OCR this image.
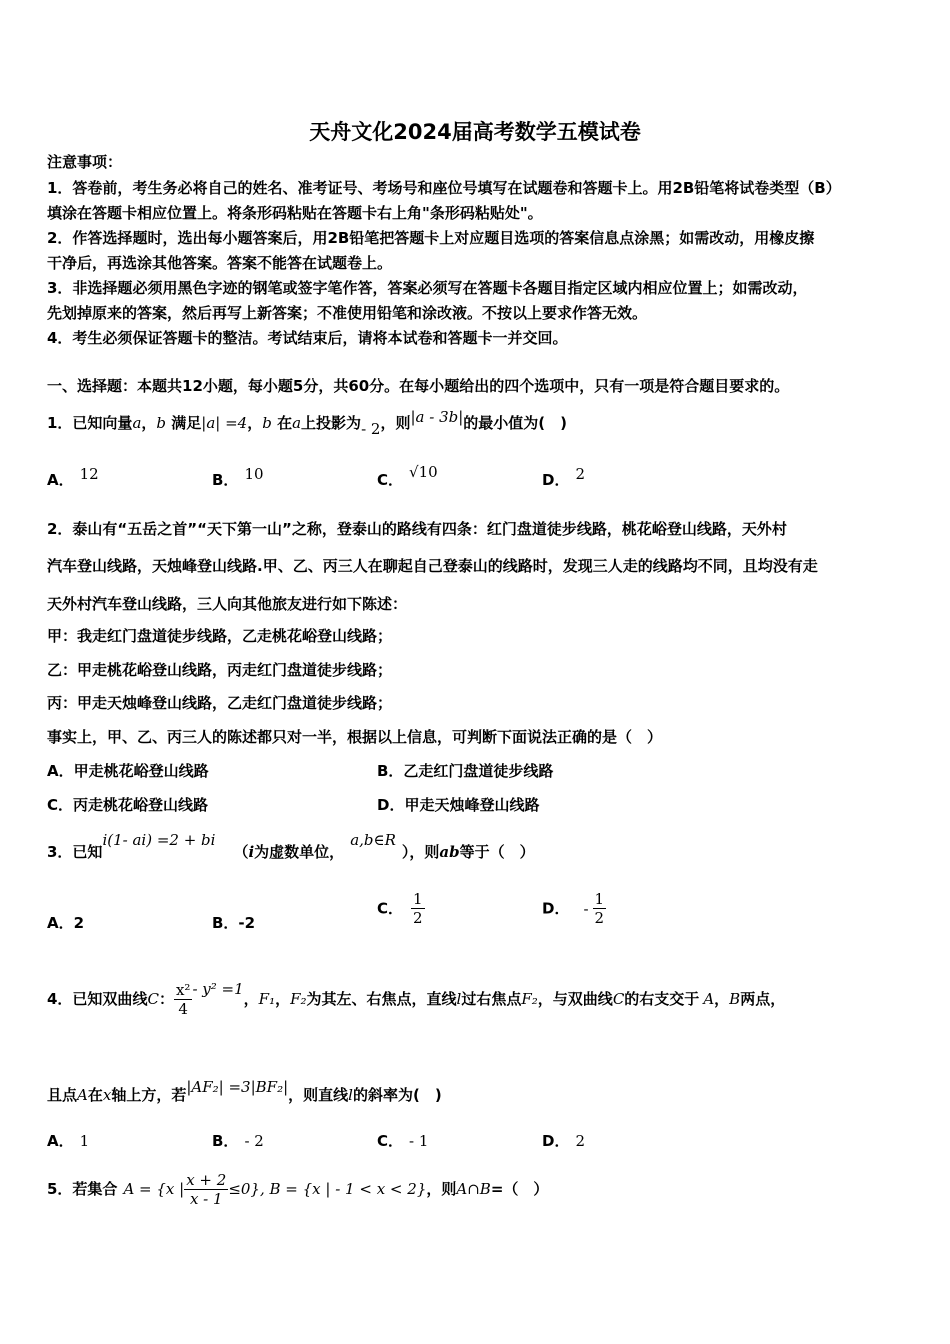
天舟文化2024届高考数学五模试卷
注意事项：
1．答卷前，考生务必将自己的姓名、准考证号、考场号和座位号填写在试题卷和答题卡上。用2B铅笔将试卷类型（B）
填涂在答题卡相应位置上。将条形码粘贴在答题卡右上角"条形码粘贴处"。
2．作答选择题时，选出每小题答案后，用2B铅笔把答题卡上对应题目选项的答案信息点涂黑；如需改动，用橡皮擦
干净后，再选涂其他答案。答案不能答在试题卷上。
3．非选择题必须用黑色字迹的钢笔或签字笔作答，答案必须写在答题卡各题目指定区域内相应位置上；如需改动，
先划掉原来的答案，然后再写上新答案；不准使用铅笔和涂改液。不按以上要求作答无效。
4．考生必须保证答题卡的整洁。考试结束后，请将本试卷和答题卡一并交回。
一、选择题：本题共12小题，每小题5分，共60分。在每小题给出的四个选项中，只有一项是符合题目要求的。
1．已知向量a，b 满足|a| =4，b 在a上投影为- 2，则|a - 3b|的最小值为(　)
A． 12	B． 10	C． √10	D． 2
2．泰山有“五岳之首”“天下第一山”之称，登泰山的路线有四条：红门盘道徒步线路，桃花峪登山线路，天外村
汽车登山线路，天烛峰登山线路.甲、乙、丙三人在聊起自己登泰山的线路时，发现三人走的线路均不同，且均没有走
天外村汽车登山线路，三人向其他旅友进行如下陈述：
甲：我走红门盘道徒步线路，乙走桃花峪登山线路；
乙：甲走桃花峪登山线路，丙走红门盘道徒步线路；
丙：甲走天烛峰登山线路，乙走红门盘道徒步线路；
事实上，甲、乙、丙三人的陈述都只对一半，根据以上信息，可判断下面说法正确的是（　）
A．甲走桃花峪登山线路	B．乙走红门盘道徒步线路
C．丙走桃花峪登山线路	D．甲走天烛峰登山线路
3．已知i(1- ai) =2 + bi（i为虚数单位，a,b∈R），则ab等于（　）
A．2	B．-2
C． $\frac{1}{2}$	D． - $\frac{1}{2}$
4．已知双曲线C： $\frac{\text{x²}}{4} - y^2 =1$，F₁，F₂为其左、右焦点，直线l过右焦点F₂，与双曲线C的右支交于 A，B两点，
且点A在x轴上方，若|AF₂| =3|BF₂|，则直线l的斜率为(　)
A． 1	B． - 2	C． - 1	D． 2
5．若集合 A = {x | $\frac{x + 2}{x - 1} \le 0$}, B = {x | - 1 < x < 2}，则A∩B=（　）
